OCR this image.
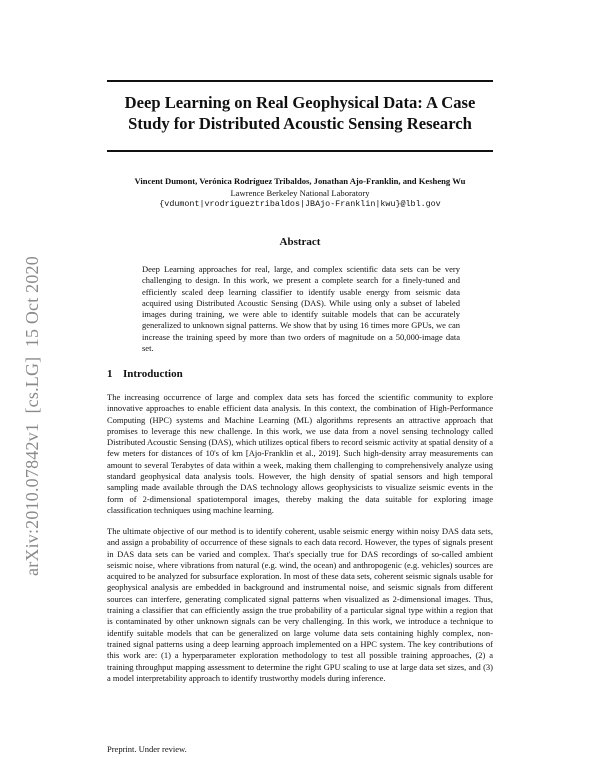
arXiv:2010.07842v1  [cs.LG]  15 Oct 2020
Deep Learning on Real Geophysical Data: A Case
Study for Distributed Acoustic Sensing Research
Vincent Dumont, Verónica Rodríguez Tribaldos, Jonathan Ajo-Franklin, and Kesheng Wu
Lawrence Berkeley National Laboratory
{vdumont|vrodrigueztribaldos|JBAjo-Franklin|kwu}@lbl.gov
Abstract

Deep Learning approaches for real, large, and complex scientific data sets can be very challenging to design. In this work, we present a complete search for a finely-tuned and efficiently scaled deep learning classifier to identify usable energy from seismic data acquired using Distributed Acoustic Sensing (DAS). While using only a subset of labeled images during training, we were able to identify suitable models that can be accurately generalized to unknown signal patterns. We show that by using 16 times more GPUs, we can increase the training speed by more than two orders of magnitude on a 50,000-image data set.

1 Introduction

The increasing occurrence of large and complex data sets has forced the scientific community to explore innovative approaches to enable efficient data analysis. In this context, the combination of High-Performance Computing (HPC) systems and Machine Learning (ML) algorithms represents an attractive approach that promises to leverage this new challenge. In this work, we use data from a novel sensing technology called Distributed Acoustic Sensing (DAS), which utilizes optical fibers to record seismic activity at spatial density of a few meters for distances of 10's of km [Ajo-Franklin et al., 2019]. Such high-density array measurements can amount to several Terabytes of data within a week, making them challenging to comprehensively analyze using standard geophysical data analysis tools. However, the high density of spatial sensors and high temporal sampling made available through the DAS technology allows geophysicists to visualize seismic events in the form of 2-dimensional spatiotemporal images, thereby making the data suitable for exploring image classification techniques using machine learning.

The ultimate objective of our method is to identify coherent, usable seismic energy within noisy DAS data sets, and assign a probability of occurrence of these signals to each data record. However, the types of signals present in DAS data sets can be varied and complex. That's specially true for DAS recordings of so-called ambient seismic noise, where vibrations from natural (e.g. wind, the ocean) and anthropogenic (e.g. vehicles) sources are acquired to be analyzed for subsurface exploration. In most of these data sets, coherent seismic signals usable for geophysical analysis are embedded in background and instrumental noise, and seismic signals from different sources can interfere, generating complicated signal patterns when visualized as 2-dimensional images. Thus, training a classifier that can efficiently assign the true probability of a particular signal type within a region that is contaminated by other unknown signals can be very challenging. In this work, we introduce a technique to identify suitable models that can be generalized on large volume data sets containing highly complex, non-trained signal patterns using a deep learning approach implemented on a HPC system. The key contributions of this work are: (1) a hyperparameter exploration methodology to test all possible training approaches, (2) a training throughput mapping assessment to determine the right GPU scaling to use at large data set sizes, and (3) a model interpretability approach to identify trustworthy models during inference.

Preprint. Under review.
